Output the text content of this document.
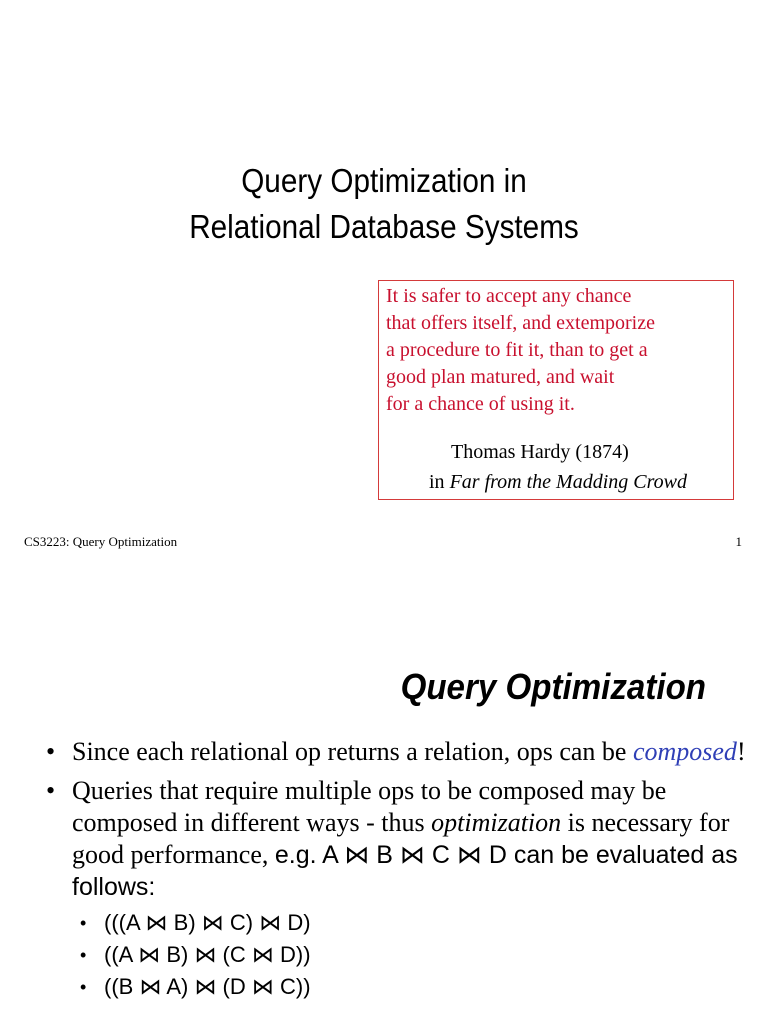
Query Optimization in
Relational Database Systems
It is safer to accept any chance
that offers itself, and extemporize
a procedure to fit it, than to get a
good plan matured, and wait
for a chance of using it.
Thomas Hardy (1874)
in Far from the Madding Crowd
CS3223: Query Optimization	1
Query Optimization
• Since each relational op returns a relation, ops can be composed!
• Queries that require multiple ops to be composed may be composed in different ways - thus optimization is necessary for good performance, e.g. A ⋈ B ⋈ C ⋈ D can be evaluated as follows:
• (((A ⋈ B) ⋈ C) ⋈ D)
• ((A ⋈ B) ⋈ (C ⋈ D))
• ((B ⋈ A) ⋈ (D ⋈ C))
